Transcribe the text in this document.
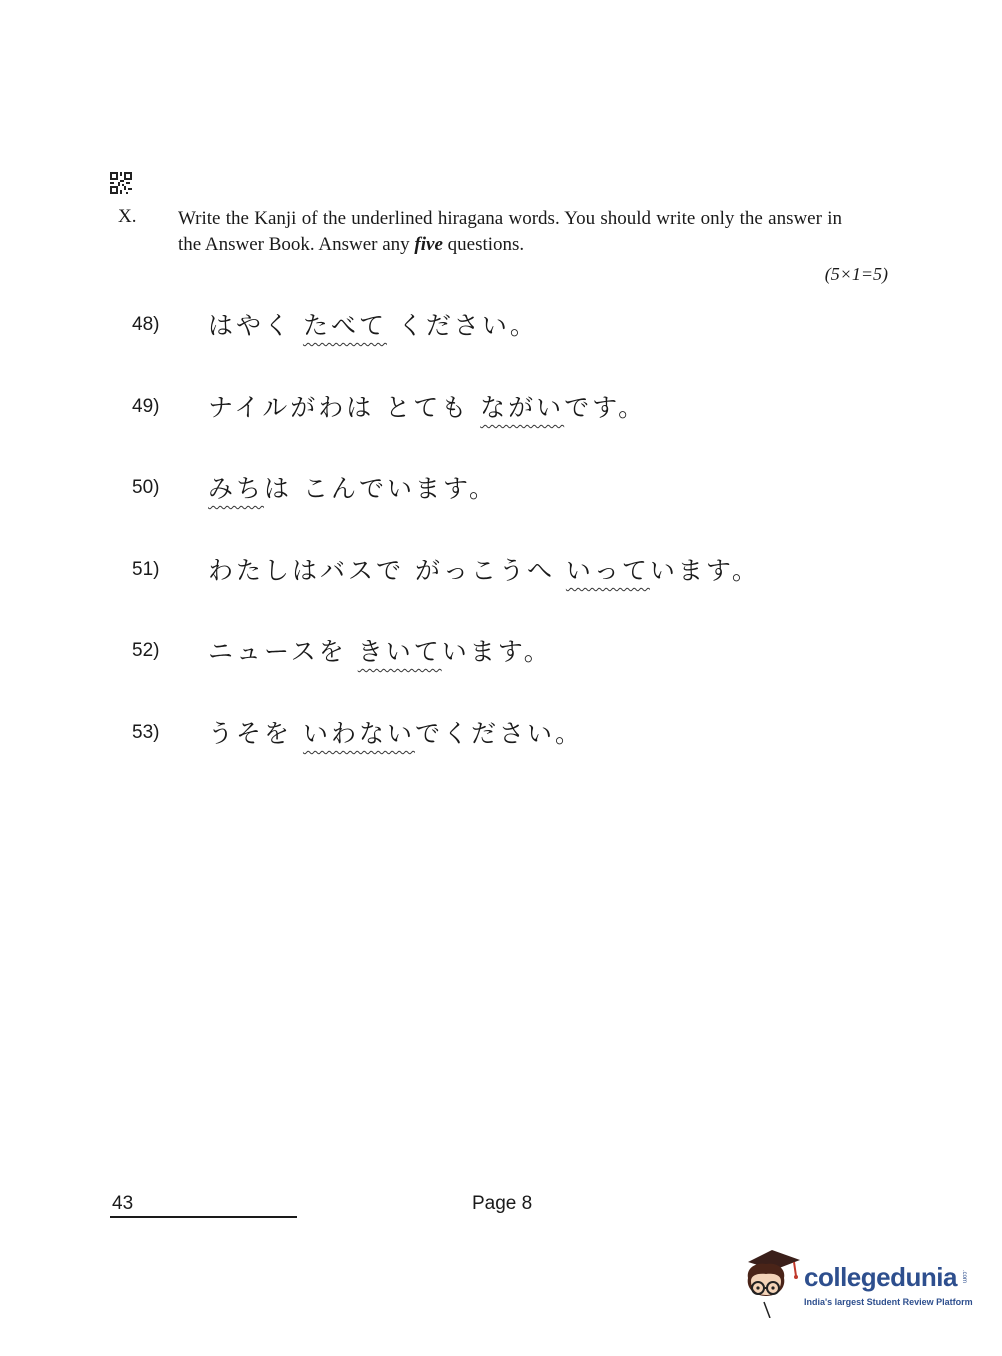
X. Write the Kanji of the underlined hiragana words. You should write only the answer in the Answer Book. Answer any five questions.
(5×1=5)
48) はやく たべて ください。
49) ナイルがわは とても ながいです。
50) みちは こんでいます。
51) わたしはバスで がっこうへ いっています。
52) ニュースを きいています。
53) うそを いわないでください。
43	Page 8
collegedunia .com
India's largest Student Review Platform
